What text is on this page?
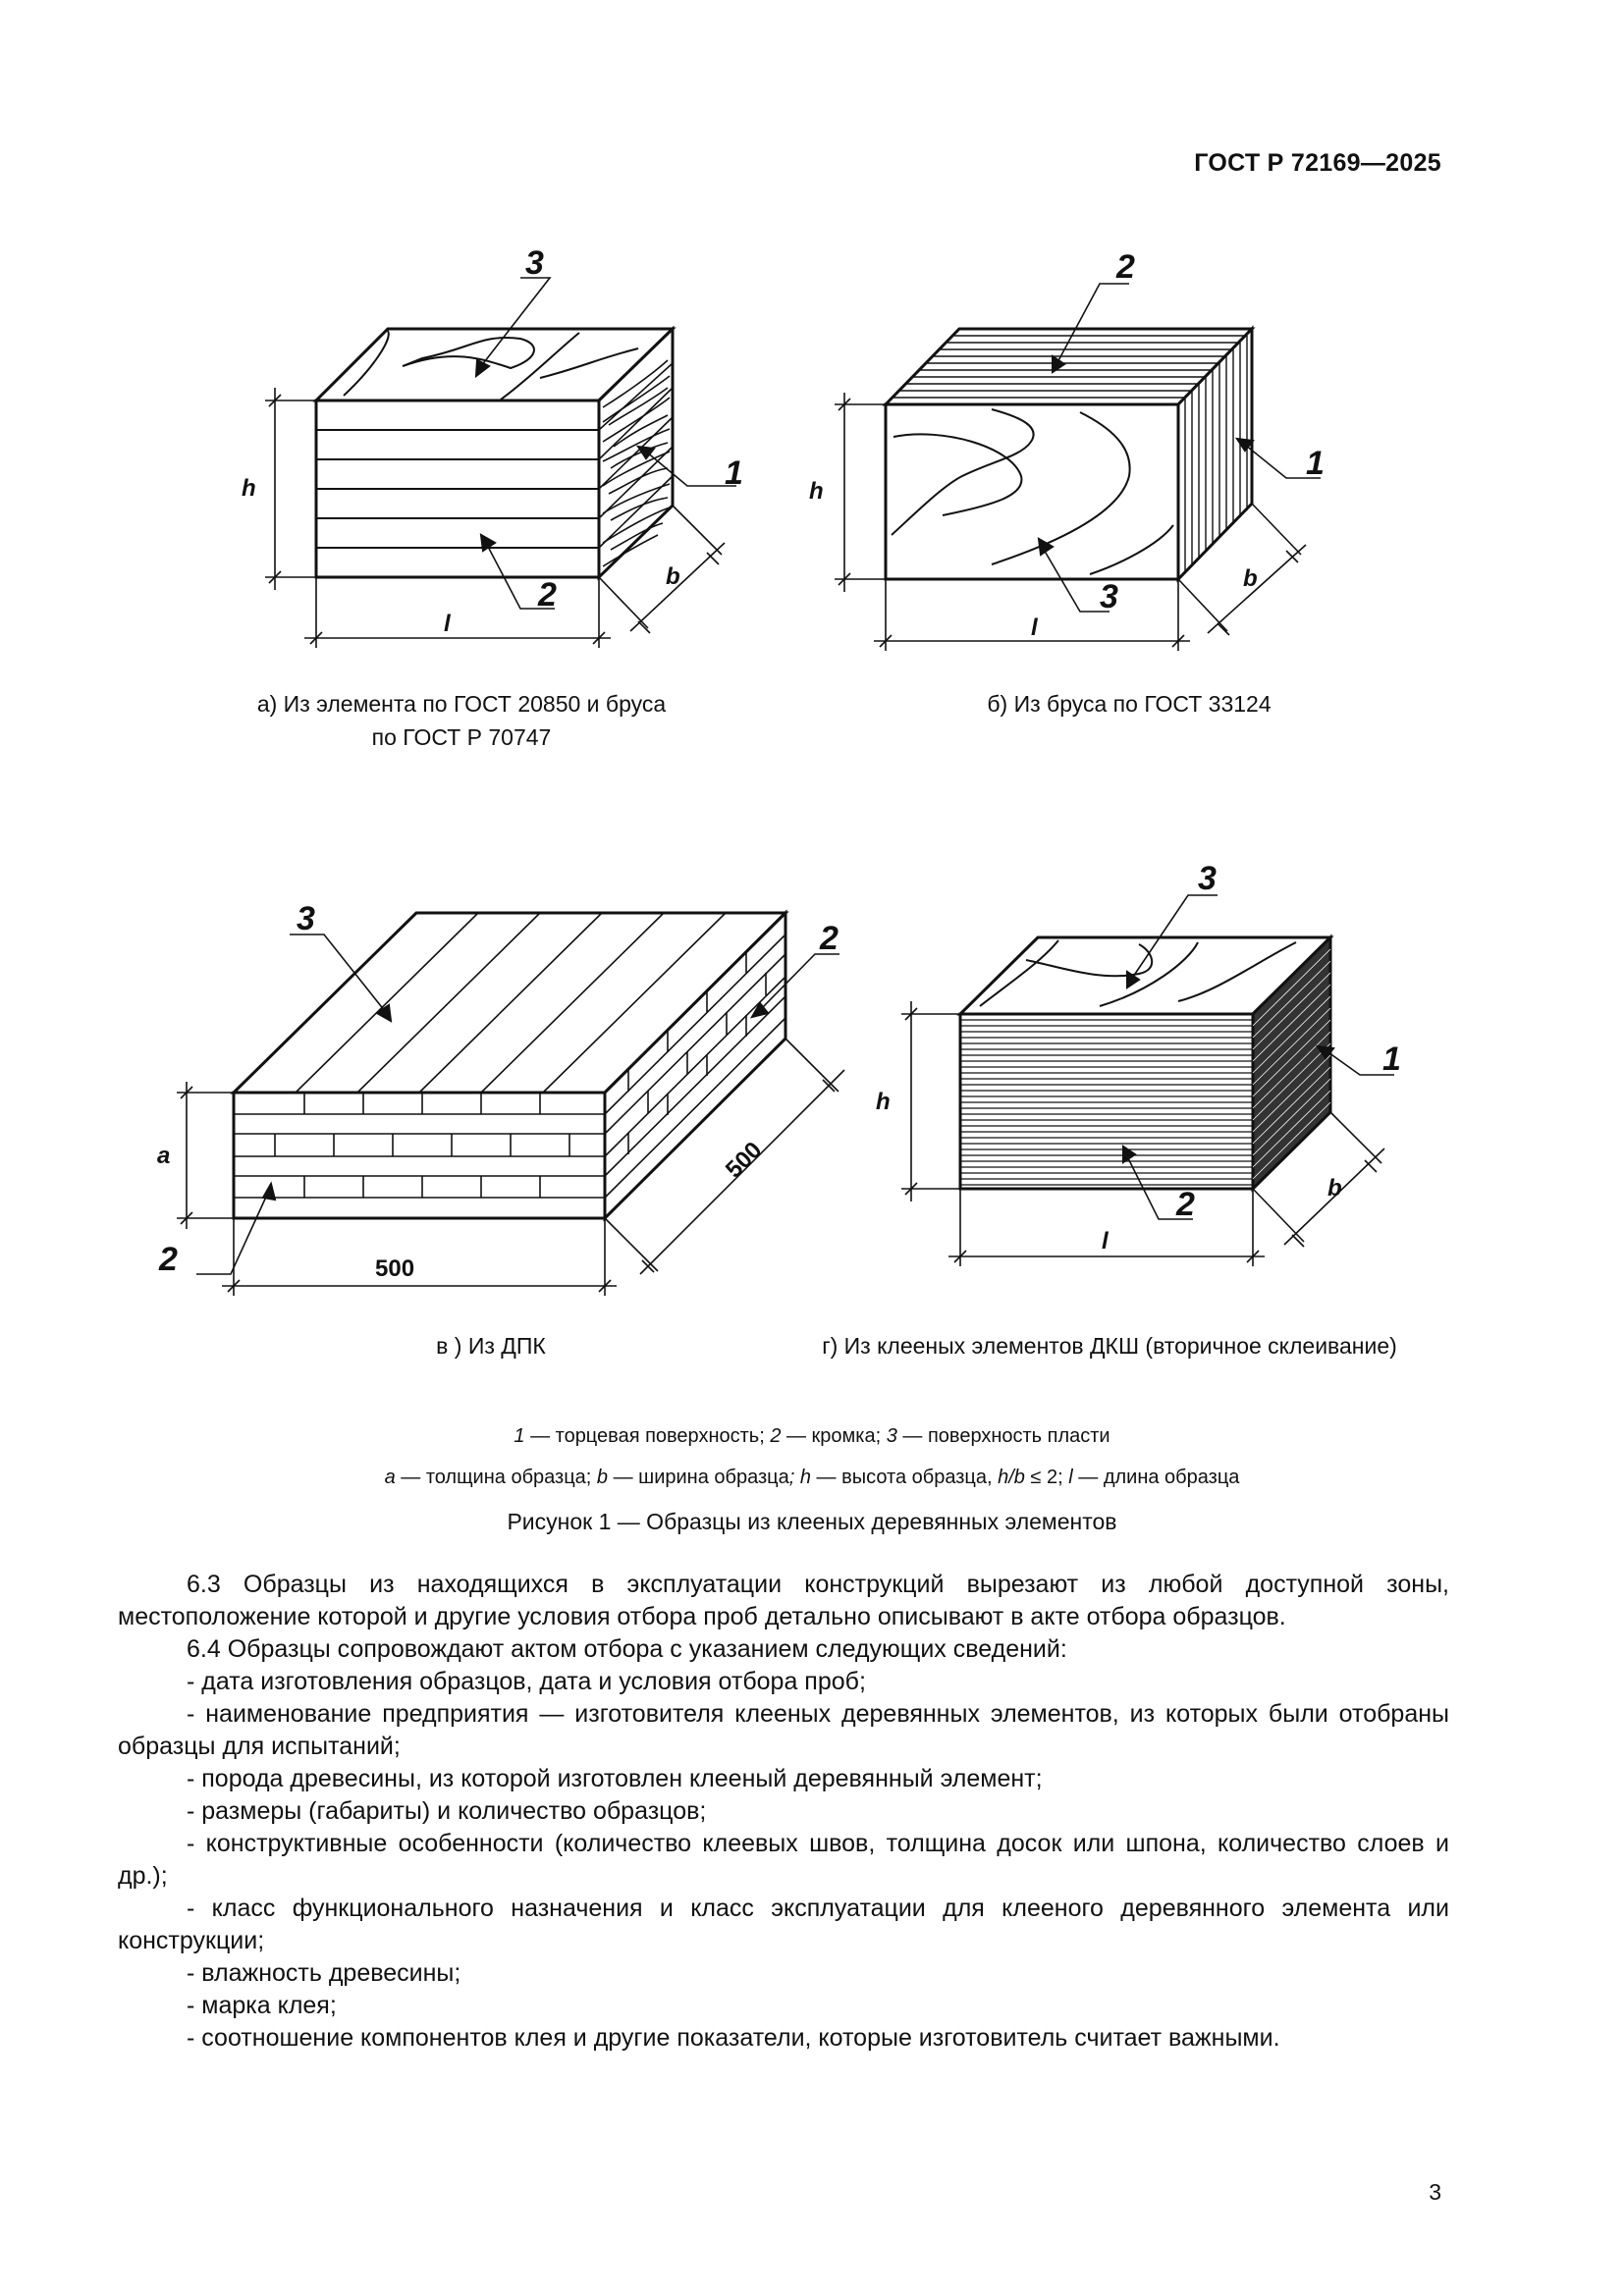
ГОСТ Р 72169—2025
3
1
2
h
b
l
а) Из элемента по ГОСТ 20850 и бруса
по ГОСТ Р 70747
2
1
3
h
b
l
б) Из бруса по ГОСТ 33124
3
2
2
a
500
500
в ) Из ДПК
3
1
2
h
b
l
г) Из клееных элементов ДКШ (вторичное склеивание)
1 — торцевая поверхность; 2 — кромка; 3 — поверхность пласти
a — толщина образца; b — ширина образца; h — высота образца, h/b ≤ 2; l — длина образца
Рисунок 1 — Образцы из клееных деревянных элементов

6.3 Образцы из находящихся в эксплуатации конструкций вырезают из любой доступной зоны, местоположение которой и другие условия отбора проб детально описывают в акте отбора образцов.

6.4 Образцы сопровождают актом отбора с указанием следующих сведений:

- дата изготовления образцов, дата и условия отбора проб;

- наименование предприятия — изготовителя клееных деревянных элементов, из которых были отобраны образцы для испытаний;

- порода древесины, из которой изготовлен клееный деревянный элемент;

- размеры (габариты) и количество образцов;

- конструктивные особенности (количество клеевых швов, толщина досок или шпона, количество слоев и др.);

- класс функционального назначения и класс эксплуатации для клееного деревянного элемента или конструкции;

- влажность древесины;

- марка клея;

- соотношение компонентов клея и другие показатели, которые изготовитель считает важными.

3
